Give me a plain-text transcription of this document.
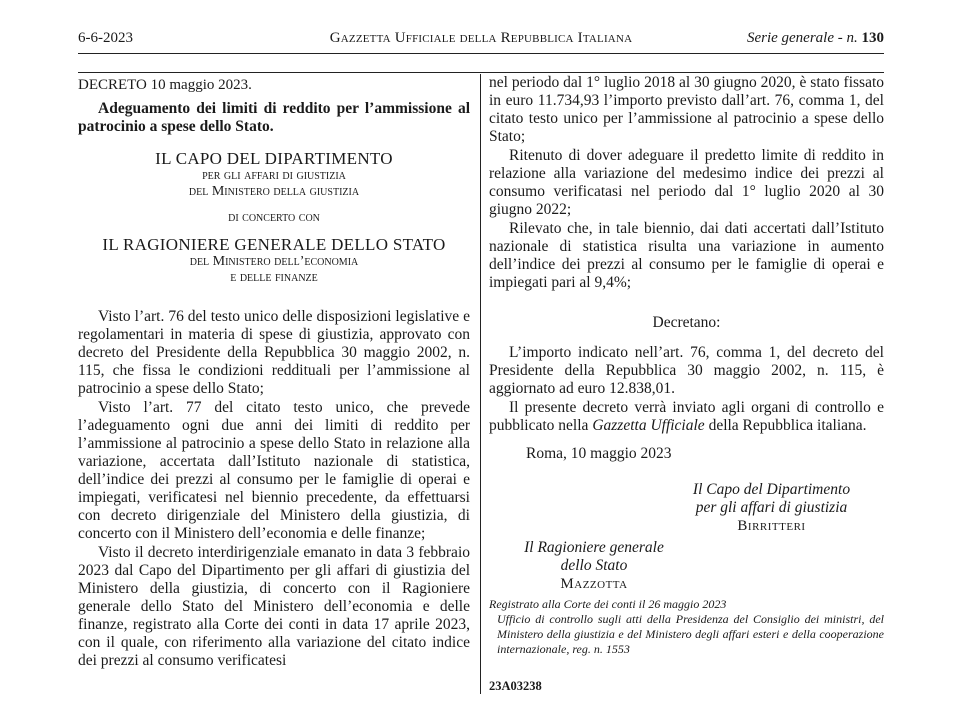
6-6-2023	Gazzetta Ufficiale della Repubblica Italiana	Serie generale - n. 130
DECRETO 10 maggio 2023.

Adeguamento dei limiti di reddito per l’ammissione al patrocinio a spese dello Stato.

IL CAPO DEL DIPARTIMENTO
per gli affari di giustizia
del Ministero della giustizia
di concerto con
IL RAGIONIERE GENERALE DELLO STATO
del Ministero dell’economia
e delle finanze

Visto l’art. 76 del testo unico delle disposizioni legislative e regolamentari in materia di spese di giustizia, approvato con decreto del Presidente della Repubblica 30 maggio 2002, n. 115, che fissa le condizioni reddituali per l’ammissione al patrocinio a spese dello Stato;

Visto l’art. 77 del citato testo unico, che prevede l’adeguamento ogni due anni dei limiti di reddito per l’ammissione al patrocinio a spese dello Stato in relazione alla variazione, accertata dall’Istituto nazionale di statistica, dell’indice dei prezzi al consumo per le famiglie di operai e impiegati, verificatesi nel biennio precedente, da effettuarsi con decreto dirigenziale del Ministero della giustizia, di concerto con il Ministero dell’economia e delle finanze;

Visto il decreto interdirigenziale emanato in data 3 febbraio 2023 dal Capo del Dipartimento per gli affari di giustizia del Ministero della giustizia, di concerto con il Ragioniere generale dello Stato del Ministero dell’economia e delle finanze, registrato alla Corte dei conti in data 17 aprile 2023, con il quale, con riferimento alla variazione del citato indice dei prezzi al consumo verificatesi

nel periodo dal 1° luglio 2018 al 30 giugno 2020, è stato fissato in euro 11.734,93 l’importo previsto dall’art. 76, comma 1, del citato testo unico per l’ammissione al patrocinio a spese dello Stato;

Ritenuto di dover adeguare il predetto limite di reddito in relazione alla variazione del medesimo indice dei prezzi al consumo verificatasi nel periodo dal 1° luglio 2020 al 30 giugno 2022;

Rilevato che, in tale biennio, dai dati accertati dall’Istituto nazionale di statistica risulta una variazione in aumento dell’indice dei prezzi al consumo per le famiglie di operai e impiegati pari al 9,4%;

Decretano:

L’importo indicato nell’art. 76, comma 1, del decreto del Presidente della Repubblica 30 maggio 2002, n. 115, è aggiornato ad euro 12.838,01.

Il presente decreto verrà inviato agli organi di controllo e pubblicato nella Gazzetta Ufficiale della Repubblica italiana.

Roma, 10 maggio 2023

Il Capo del Dipartimento
per gli affari di giustizia
Birritteri
Il Ragioniere generale
dello Stato
Mazzotta
Registrato alla Corte dei conti il 26 maggio 2023
Ufficio di controllo sugli atti della Presidenza del Consiglio dei ministri, del Ministero della giustizia e del Ministero degli affari esteri e della cooperazione internazionale, reg. n. 1553
23A03238
